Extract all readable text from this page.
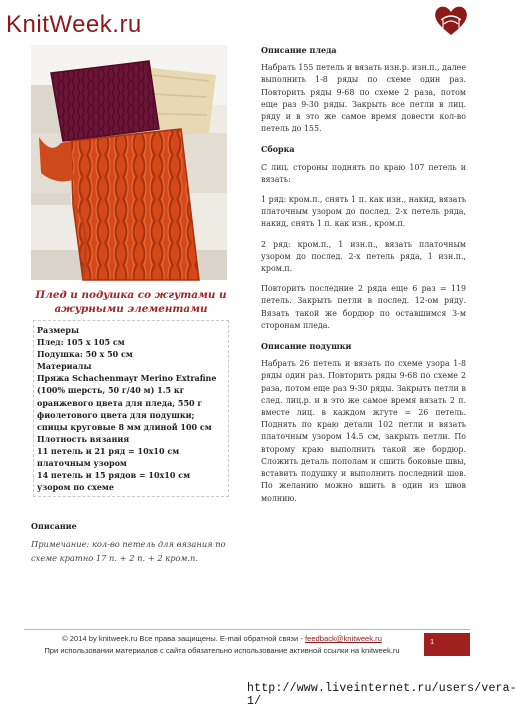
KnitWeek.ru
Плед и подушка со жгутами и ажурными элементами
Размеры
Плед: 105 x 105 см
Подушка: 50 x 50 см
Материалы
Пряжа Schachenmayr Merino Extrafine (100% шерсть, 50 г/40 м) 1.5 кг оранжевого цвета для пледа, 550 г фиолетового цвета для подушки; спицы круговые 8 мм длиной 100 см
Плотность вязания
11 петель и 21 ряд = 10x10 см платочным узором
14 петель и 15 рядов = 10x10 см узором по схеме
Описание
Примечание: кол-во петель для вязания по схеме кратно 17 п. + 2 п. + 2 кром.п.
Описание пледа

Набрать 155 петель и вязать изн.р. изн.п., далее выполнить 1-8 ряды по схеме один раз. Повторить ряды 9-68 по схеме 2 раза, потом еще раз 9-30 ряды. Закрыть все петли в лиц. ряду и в это же самое время довести кол-во петель до 155.

Сборка

С лиц. стороны поднять по краю 107 петель и вязать:

1 ряд: кром.п., снять 1 п. как изн., накид, вязать платочным узором до послед. 2-х петель ряда, накид, снять 1 п. как изн., кром.п.

2 ряд: кром.п., 1 изн.п., вязать платочным узором до послед. 2-х петель ряда, 1 изн.п., кром.п.

Повторить последние 2 ряда еще 6 раз = 119 петель. Закрыть петли в послед. 12-ом ряду. Вязать такой же бордюр по оставшимся 3-м сторонам пледа.

Описание подушки

Набрать 26 петель и вязать по схеме узора 1-8 ряды один раз. Повторить ряды 9-68 по схеме 2 раза, потом еще раз 9-30 ряды. Закрыть петли в след. лиц.р. и в это же самое время вязать 2 п. вместе лиц. в каждом жгуте = 26 петель. Поднять по краю детали 102 петли и вязать платочным узором 14.5 см, закрыть петли. По второму краю выполнить такой же бордюр. Сложить деталь пополам и сшить боковые швы, вставить подушку и выполнить последний шов. По желанию можно вшить в один из швов молнию.

© 2014 by knitweek.ru Все права защищены. E-mail обратной связи - feedback@knitweek.ru
При использовании материалов с сайта обязательно использование активной ссылки на knitweek.ru
1
http://www.liveinternet.ru/users/vera-1/
